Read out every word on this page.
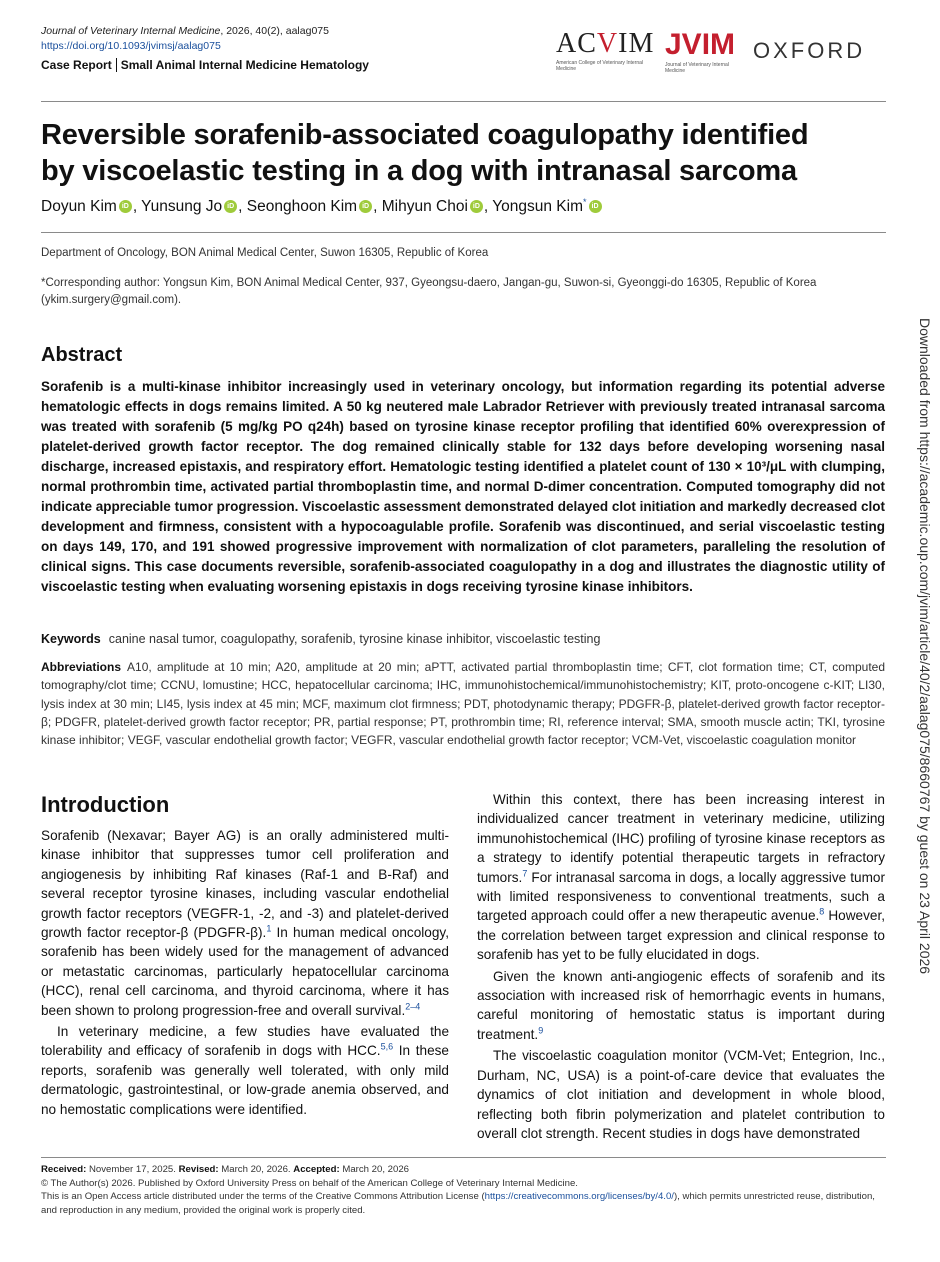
Journal of Veterinary Internal Medicine, 2026, 40(2), aalag075
https://doi.org/10.1093/jvimsj/aalag075
Case Report Small Animal Internal Medicine Hematology
ACVIM
American College of Veterinary Internal Medicine
JVIM
Journal of Veterinary Internal Medicine
OXFORD
Reversible sorafenib-associated coagulopathy identified
by viscoelastic testing in a dog with intranasal sarcoma
Doyun Kim iD , Yunsung Jo iD , Seonghoon Kim iD , Mihyun Choi iD , Yongsun Kim*iD
Department of Oncology, BON Animal Medical Center, Suwon 16305, Republic of Korea
*Corresponding author: Yongsun Kim, BON Animal Medical Center, 937, Gyeongsu-daero, Jangan-gu, Suwon-si, Gyeonggi-do 16305, Republic of Korea
(ykim.surgery@gmail.com).
Abstract
Sorafenib is a multi-kinase inhibitor increasingly used in veterinary oncology, but information regarding its potential adverse hematologic effects in dogs remains limited. A 50 kg neutered male Labrador Retriever with previously treated intranasal sarcoma was treated with sorafenib (5 mg/kg PO q24h) based on tyrosine kinase receptor profiling that identified 60% overexpression of platelet-derived growth factor receptor. The dog remained clinically stable for 132 days before developing worsening nasal discharge, increased epistaxis, and respiratory effort. Hematologic testing identified a platelet count of 130 × 10³/μL with clumping, normal prothrombin time, activated partial thromboplastin time, and normal D-dimer concentration. Computed tomography did not indicate appreciable tumor progression. Viscoelastic assessment demonstrated delayed clot initiation and markedly decreased clot development and firmness, consistent with a hypocoagulable profile. Sorafenib was discontinued, and serial viscoelastic testing on days 149, 170, and 191 showed progressive improvement with normalization of clot parameters, paralleling the resolution of clinical signs. This case documents reversible, sorafenib-associated coagulopathy in a dog and illustrates the diagnostic utility of viscoelastic testing when evaluating worsening epistaxis in dogs receiving tyrosine kinase inhibitors.
Keywords canine nasal tumor, coagulopathy, sorafenib, tyrosine kinase inhibitor, viscoelastic testing
Abbreviations A10, amplitude at 10 min; A20, amplitude at 20 min; aPTT, activated partial thromboplastin time; CFT, clot formation time; CT, computed tomography/clot time; CCNU, lomustine; HCC, hepatocellular carcinoma; IHC, immunohistochemical/immunohistochemistry; KIT, proto-oncogene c-KIT; LI30, lysis index at 30 min; LI45, lysis index at 45 min; MCF, maximum clot firmness; PDT, photodynamic therapy; PDGFR-β, platelet-derived growth factor receptor-β; PDGFR, platelet-derived growth factor receptor; PR, partial response; PT, prothrombin time; RI, reference interval; SMA, smooth muscle actin; TKI, tyrosine kinase inhibitor; VEGF, vascular endothelial growth factor; VEGFR, vascular endothelial growth factor receptor; VCM-Vet, viscoelastic coagulation monitor
Introduction

Sorafenib (Nexavar; Bayer AG) is an orally administered multi-kinase inhibitor that suppresses tumor cell proliferation and angiogenesis by inhibiting Raf kinases (Raf-1 and B-Raf) and several receptor tyrosine kinases, including vascular endothelial growth factor receptors (VEGFR-1, -2, and -3) and platelet-derived growth factor receptor-β (PDGFR-β).$^1$ In human medical oncology, sorafenib has been widely used for the management of advanced or metastatic carcinomas, particularly hepatocellular carcinoma (HCC), renal cell carcinoma, and thyroid carcinoma, where it has been shown to prolong progression-free and overall survival.$^{2-4}$

In veterinary medicine, a few studies have evaluated the tolerability and efficacy of sorafenib in dogs with HCC.$^{5,6}$ In these reports, sorafenib was generally well tolerated, with only mild dermatologic, gastrointestinal, or low-grade anemia observed, and no hemostatic complications were identified.

Within this context, there has been increasing interest in individualized cancer treatment in veterinary medicine, utilizing immunohistochemical (IHC) profiling of tyrosine kinase receptors as a strategy to identify potential therapeutic targets in refractory tumors.$^7$ For intranasal sarcoma in dogs, a locally aggressive tumor with limited responsiveness to conventional treatments, such a targeted approach could offer a new therapeutic avenue.$^8$ However, the correlation between target expression and clinical response to sorafenib has yet to be fully elucidated in dogs.

Given the known anti-angiogenic effects of sorafenib and its association with increased risk of hemorrhagic events in humans, careful monitoring of hemostatic status is important during treatment.$^9$

The viscoelastic coagulation monitor (VCM-Vet; Entegrion, Inc., Durham, NC, USA) is a point-of-care device that evaluates the dynamics of clot initiation and development in whole blood, reflecting both fibrin polymerization and platelet contribution to overall clot strength. Recent studies in dogs have demonstrated

Received: November 17, 2025. Revised: March 20, 2026. Accepted: March 20, 2026
© The Author(s) 2026. Published by Oxford University Press on behalf of the American College of Veterinary Internal Medicine.
This is an Open Access article distributed under the terms of the Creative Commons Attribution License (https://creativecommons.org/licenses/by/4.0/), which permits unrestricted reuse, distribution,
and reproduction in any medium, provided the original work is properly cited.
Downloaded from https://academic.oup.com/jvim/article/40/2/aalag075/8660767 by guest on 23 April 2026
